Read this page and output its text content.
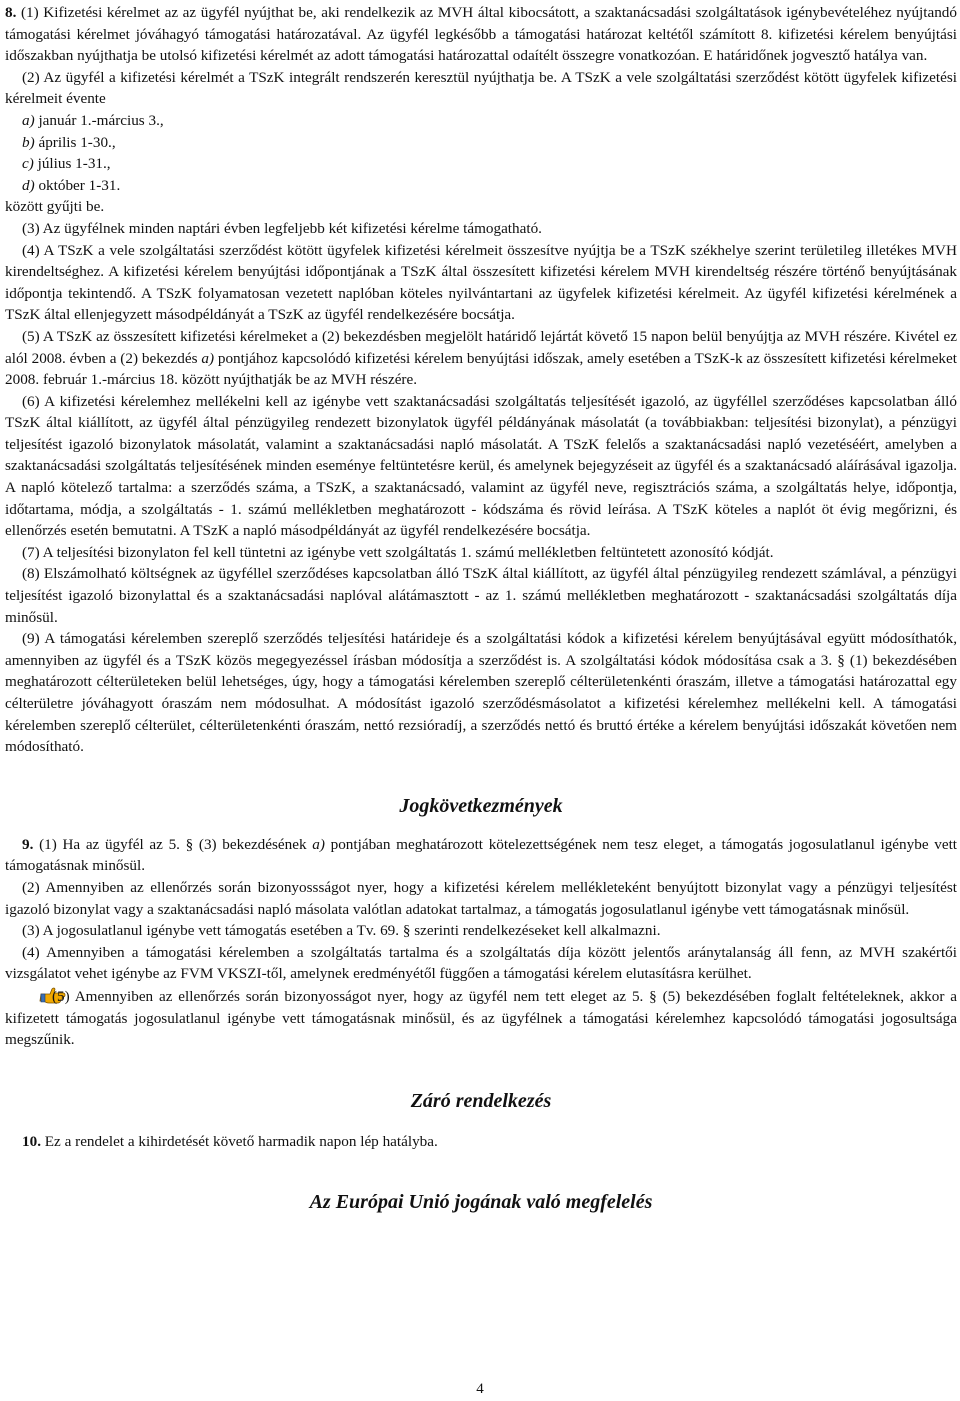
8. (1) Kifizetési kérelmet az az ügyfél nyújthat be, aki rendelkezik az MVH által kibocsátott, a szaktanácsadási szolgáltatások igénybevételéhez nyújtandó támogatási kérelmet jóváhagyó támogatási határozatával. Az ügyfél legkésőbb a támogatási határozat keltétől számított 8. kifizetési kérelem benyújtási időszakban nyújthatja be utolsó kifizetési kérelmét az adott támogatási határozattal odaítélt összegre vonatkozóan. E határidőnek jogvesztő hatálya van.

(2) Az ügyfél a kifizetési kérelmét a TSzK integrált rendszerén keresztül nyújthatja be. A TSzK a vele szolgáltatási szerződést kötött ügyfelek kifizetési kérelmeit évente

a) január 1.-március 3.,

b) április 1-30.,

c) július 1-31.,

d) október 1-31.

között gyűjti be.

(3) Az ügyfélnek minden naptári évben legfeljebb két kifizetési kérelme támogatható.

(4) A TSzK a vele szolgáltatási szerződést kötött ügyfelek kifizetési kérelmeit összesítve nyújtja be a TSzK székhelye szerint területileg illetékes MVH kirendeltséghez. A kifizetési kérelem benyújtási időpontjának a TSzK által összesített kifizetési kérelem MVH kirendeltség részére történő benyújtásának időpontja tekintendő. A TSzK folyamatosan vezetett naplóban köteles nyilvántartani az ügyfelek kifizetési kérelmeit. Az ügyfél kifizetési kérelmének a TSzK által ellenjegyzett másodpéldányát a TSzK az ügyfél rendelkezésére bocsátja.

(5) A TSzK az összesített kifizetési kérelmeket a (2) bekezdésben megjelölt határidő lejártát követő 15 napon belül benyújtja az MVH részére. Kivétel ez alól 2008. évben a (2) bekezdés a) pontjához kapcsolódó kifizetési kérelem benyújtási időszak, amely esetében a TSzK-k az összesített kifizetési kérelmeket 2008. február 1.-március 18. között nyújthatják be az MVH részére.

(6) A kifizetési kérelemhez mellékelni kell az igénybe vett szaktanácsadási szolgáltatás teljesítését igazoló, az ügyféllel szerződéses kapcsolatban álló TSzK által kiállított, az ügyfél által pénzügyileg rendezett bizonylatok ügyfél példányának másolatát (a továbbiakban: teljesítési bizonylat), a pénzügyi teljesítést igazoló bizonylatok másolatát, valamint a szaktanácsadási napló másolatát. A TSzK felelős a szaktanácsadási napló vezetéséért, amelyben a szaktanácsadási szolgáltatás teljesítésének minden eseménye feltüntetésre kerül, és amelynek bejegyzéseit az ügyfél és a szaktanácsadó aláírásával igazolja. A napló kötelező tartalma: a szerződés száma, a TSzK, a szaktanácsadó, valamint az ügyfél neve, regisztrációs száma, a szolgáltatás helye, időpontja, időtartama, módja, a szolgáltatás - 1. számú mellékletben meghatározott - kódszáma és rövid leírása. A TSzK köteles a naplót öt évig megőrizni, és ellenőrzés esetén bemutatni. A TSzK a napló másodpéldányát az ügyfél rendelkezésére bocsátja.

(7) A teljesítési bizonylaton fel kell tüntetni az igénybe vett szolgáltatás 1. számú mellékletben feltüntetett azonosító kódját.

(8) Elszámolható költségnek az ügyféllel szerződéses kapcsolatban álló TSzK által kiállított, az ügyfél által pénzügyileg rendezett számlával, a pénzügyi teljesítést igazoló bizonylattal és a szaktanácsadási naplóval alátámasztott - az 1. számú mellékletben meghatározott - szaktanácsadási szolgáltatás díja minősül.

(9) A támogatási kérelemben szereplő szerződés teljesítési határideje és a szolgáltatási kódok a kifizetési kérelem benyújtásával együtt módosíthatók, amennyiben az ügyfél és a TSzK közös megegyezéssel írásban módosítja a szerződést is. A szolgáltatási kódok módosítása csak a 3. § (1) bekezdésében meghatározott célterületeken belül lehetséges, úgy, hogy a támogatási kérelemben szereplő célterületenkénti óraszám, illetve a támogatási határozattal egy célterületre jóváhagyott óraszám nem módosulhat. A módosítást igazoló szerződésmásolatot a kifizetési kérelemhez mellékelni kell. A támogatási kérelemben szereplő célterület, célterületenkénti óraszám, nettó rezsióradíj, a szerződés nettó és bruttó értéke a kérelem benyújtási időszakát követően nem módosítható.

Jogkövetkezmények

9. (1) Ha az ügyfél az 5. § (3) bekezdésének a) pontjában meghatározott kötelezettségének nem tesz eleget, a támogatás jogosulatlanul igénybe vett támogatásnak minősül.

(2) Amennyiben az ellenőrzés során bizonyossságot nyer, hogy a kifizetési kérelem mellékleteként benyújtott bizonylat vagy a pénzügyi teljesítést igazoló bizonylat vagy a szaktanácsadási napló másolata valótlan adatokat tartalmaz, a támogatás jogosulatlanul igénybe vett támogatásnak minősül.

(3) A jogosulatlanul igénybe vett támogatás esetében a Tv. 69. § szerinti rendelkezéseket kell alkalmazni.

(4) Amennyiben a támogatási kérelemben a szolgáltatás tartalma és a szolgáltatás díja között jelentős aránytalanság áll fenn, az MVH szakértői vizsgálatot vehet igénybe az FVM VKSZI-től, amelynek eredményétől függően a támogatási kérelem elutasításra kerülhet.

(5) Amennyiben az ellenőrzés során bizonyosságot nyer, hogy az ügyfél nem tett eleget az 5. § (5) bekezdésében foglalt feltételeknek, akkor a kifizetett támogatás jogosulatlanul igénybe vett támogatásnak minősül, és az ügyfélnek a támogatási kérelemhez kapcsolódó támogatási jogosultsága megszűnik.

Záró rendelkezés

10. Ez a rendelet a kihirdetését követő harmadik napon lép hatályba.

Az Európai Unió jogának való megfelelés
4
